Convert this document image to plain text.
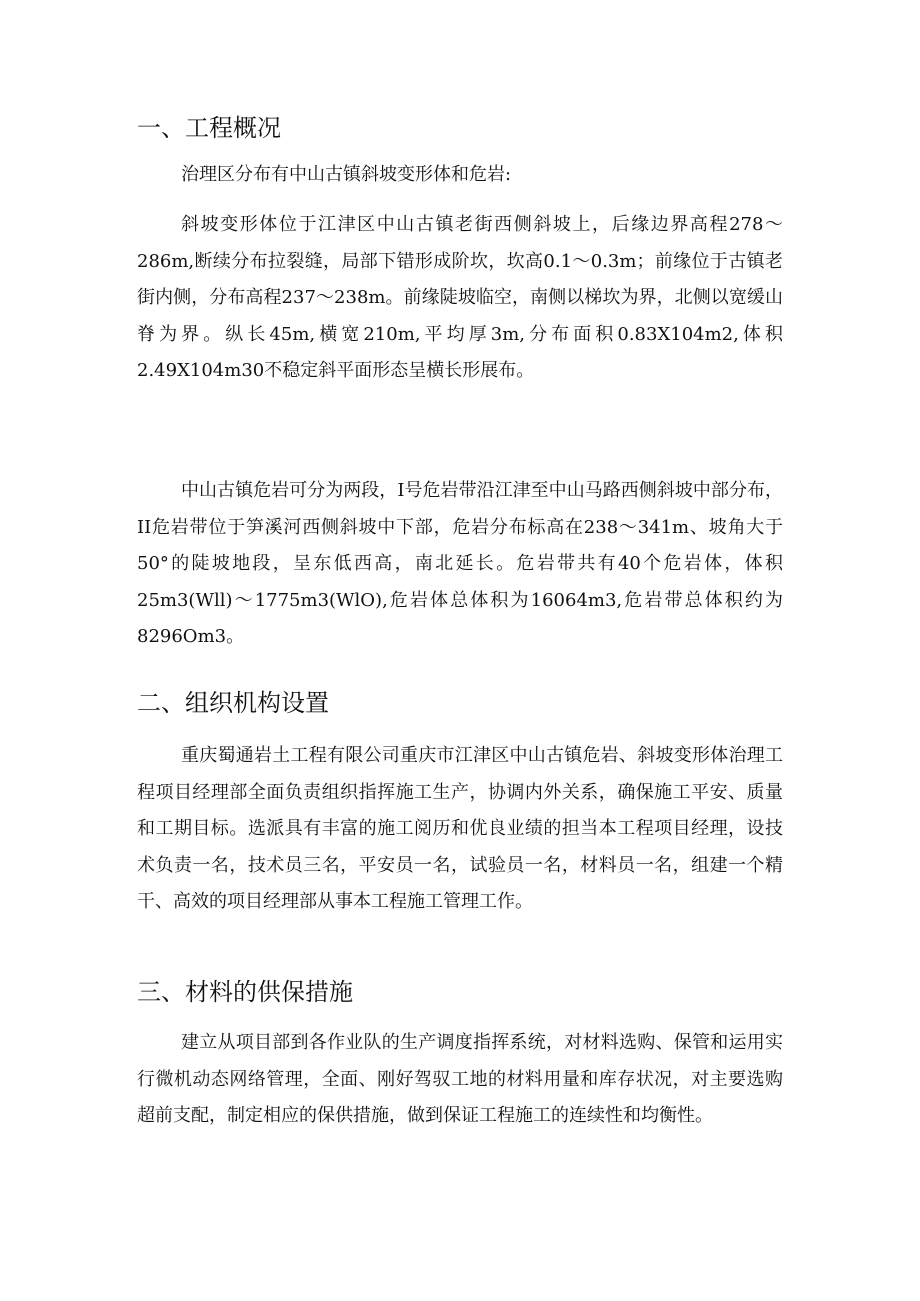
一、工程概况
治理区分布有中山古镇斜坡变形体和危岩:
斜坡变形体位于江津区中山古镇老街西侧斜坡上，后缘边界高程278～286m,断续分布拉裂缝，局部下错形成阶坎，坎高0.1～0.3m；前缘位于古镇老街内侧，分布高程237～238m。前缘陡坡临空，南侧以梯坎为界，北侧以宽缓山脊为界。纵长45m,横宽210m,平均厚3m,分布面积0.83X104m2,体积2.49X104m30不稳定斜平面形态呈横长形展布。
中山古镇危岩可分为两段，I号危岩带沿江津至中山马路西侧斜坡中部分布，II危岩带位于笋溪河西侧斜坡中下部，危岩分布标高在238～341m、坡角大于50°的陡坡地段，呈东低西高，南北延长。危岩带共有40个危岩体，体积25m3(Wll)～1775m3(WlO),危岩体总体积为16064m3,危岩带总体积约为8296Om3。
二、组织机构设置
重庆蜀通岩土工程有限公司重庆市江津区中山古镇危岩、斜坡变形体治理工程项目经理部全面负责组织指挥施工生产，协调内外关系，确保施工平安、质量和工期目标。选派具有丰富的施工阅历和优良业绩的担当本工程项目经理，设技术负责一名，技术员三名，平安员一名，试验员一名，材料员一名，组建一个精干、高效的项目经理部从事本工程施工管理工作。
三、材料的供保措施
建立从项目部到各作业队的生产调度指挥系统，对材料选购、保管和运用实行微机动态网络管理，全面、刚好驾驭工地的材料用量和库存状况，对主要选购超前支配，制定相应的保供措施，做到保证工程施工的连续性和均衡性。
